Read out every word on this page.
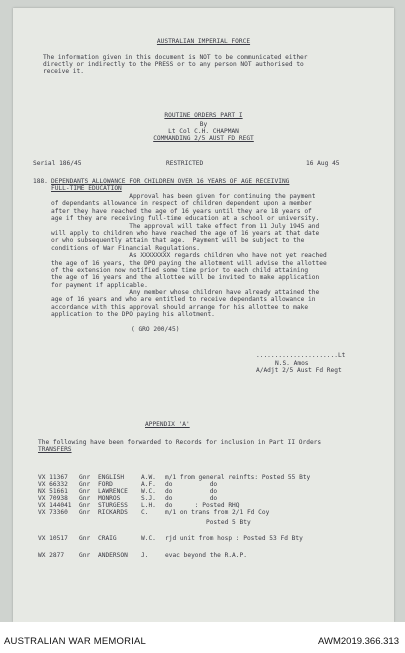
AUSTRALIAN IMPERIAL FORCE
The information given in this document is NOT to be communicated either
directly or indirectly to the PRESS or to any person NOT authorised to
receive it.
ROUTINE ORDERS PART I
By
Lt Col C.H. CHAPMAN
COMMANDING 2/5 AUST FD REGT
Serial 186/45	RESTRICTED	16 Aug 45
188. DEPENDANTS ALLOWANCE FOR CHILDREN OVER 16 YEARS OF AGE RECEIVING
FULL-TIME EDUCATION
Approval has been given for continuing the payment
of dependants allowance in respect of children dependent upon a member
after they have reached the age of 16 years until they are 18 years of
age if they are receiving full-time education at a school or university.
The approval will take effect from 11 July 1945 and
will apply to children who have reached the age of 16 years at that date
or who subsequently attain that age.  Payment will be subject to the
conditions of War Financial Regulations.
As XXXXXXXX regards children who have not yet reached
the age of 16 years, the DPO paying the allotment will advise the allottee
of the extension now notified some time prior to each child attaining
the age of 16 years and the allottee will be invited to make application
for payment if applicable.
Any member whose children have already attained the
age of 16 years and who are entitled to receive dependants allowance in
accordance with this approval should arrange for his allottee to make
application to the DPO paying his allotment.
( GRO 200/45)
......................Lt
N.S. Amos
A/Adjt 2/5 Aust Fd Regt
APPENDIX 'A'
The following have been forwarded to Records for inclusion in Part II Orders
TRANSFERS
VX 11367 Gnr ENGLISH	A.W. m/1 from general reinfts: Posted 55 Bty
VX 66332 Gnr FORD	A.F. do          do
NX 51661 Gnr LAWRENCE W.C. do          do
VX 70938 Gnr MONROS	S.J. do          do
VX 144041 Gnr STURGESS L.H. do      : Posted RHQ
VX 73360 Gnr RICKARDS C.	m/1 on trans from 2/1 Fd Coy
Posted 5 Bty
VX 10517 Gnr CRAIG	W.C. rjd unit from hosp : Posted 53 Fd Bty
WX 2877 Gnr ANDERSON J.	evac beyond the R.A.P.
AUSTRALIAN WAR MEMORIAL	AWM2019.366.313
